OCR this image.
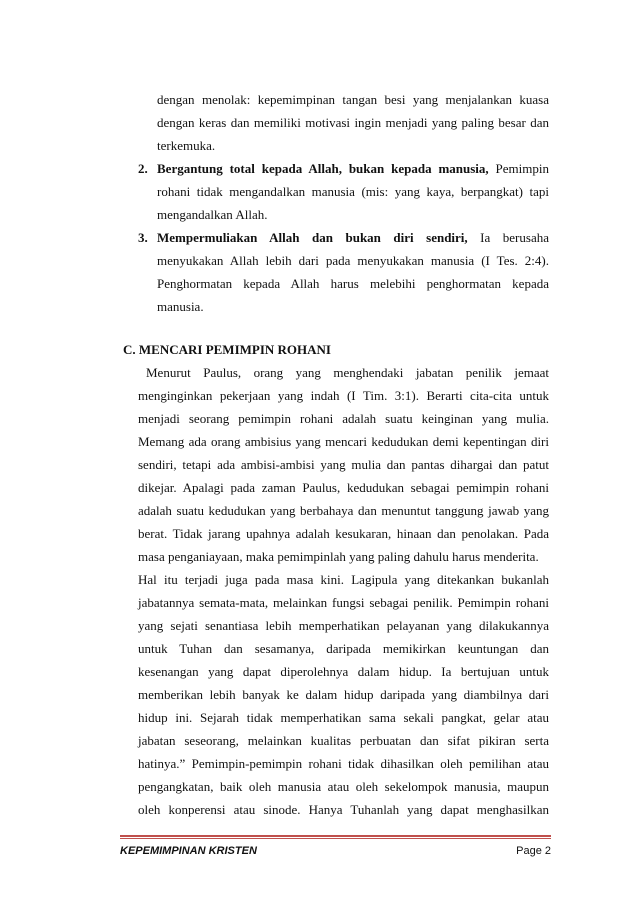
dengan menolak: kepemimpinan tangan besi yang menjalankan kuasa
dengan keras dan memiliki motivasi ingin menjadi yang paling besar dan
terkemuka.
2. Bergantung total kepada Allah, bukan kepada manusia, Pemimpin
rohani tidak mengandalkan manusia (mis: yang kaya, berpangkat) tapi
mengandalkan Allah.
3. Mempermuliakan Allah dan bukan diri sendiri, Ia berusaha
menyukakan Allah lebih dari pada menyukakan manusia (I Tes. 2:4).
Penghormatan kepada Allah harus melebihi penghormatan kepada
manusia.
C. MENCARI PEMIMPIN ROHANI
Menurut Paulus, orang yang menghendaki jabatan penilik jemaat
menginginkan pekerjaan yang indah (I Tim. 3:1). Berarti cita-cita untuk
menjadi seorang pemimpin rohani adalah suatu keinginan yang mulia.
Memang ada orang ambisius yang mencari kedudukan demi kepentingan diri
sendiri, tetapi ada ambisi-ambisi yang mulia dan pantas dihargai dan patut
dikejar. Apalagi pada zaman Paulus, kedudukan sebagai pemimpin rohani
adalah suatu kedudukan yang berbahaya dan menuntut tanggung jawab yang
berat. Tidak jarang upahnya adalah kesukaran, hinaan dan penolakan. Pada
masa penganiayaan, maka pemimpinlah yang paling dahulu harus menderita.
Hal itu terjadi juga pada masa kini. Lagipula yang ditekankan bukanlah
jabatannya semata-mata, melainkan fungsi sebagai penilik. Pemimpin rohani
yang sejati senantiasa lebih memperhatikan pelayanan yang dilakukannya
untuk Tuhan dan sesamanya, daripada memikirkan keuntungan dan
kesenangan yang dapat diperolehnya dalam hidup. Ia bertujuan untuk
memberikan lebih banyak ke dalam hidup daripada yang diambilnya dari
hidup ini. Sejarah tidak memperhatikan sama sekali pangkat, gelar atau
jabatan seseorang, melainkan kualitas perbuatan dan sifat pikiran serta
hatinya.” Pemimpin-pemimpin rohani tidak dihasilkan oleh pemilihan atau
pengangkatan, baik oleh manusia atau oleh sekelompok manusia, maupun
oleh konperensi atau sinode. Hanya Tuhanlah yang dapat menghasilkan
KEPEMIMPINAN KRISTEN	Page 2
